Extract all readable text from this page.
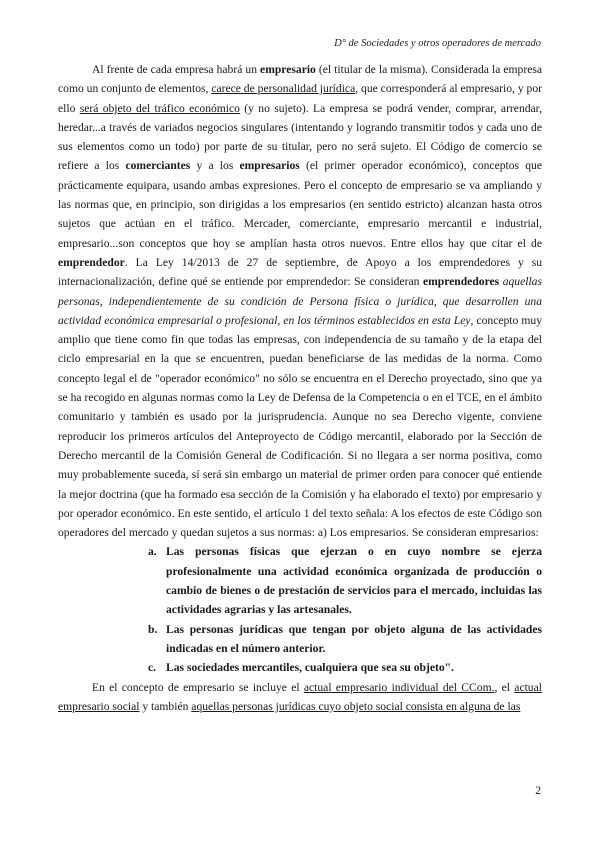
D° de Sociedades y otros operadores de mercado

Al frente de cada empresa habrá un empresario (el titular de la misma). Considerada la empresa como un conjunto de elementos, carece de personalidad jurídica, que corresponderá al empresario, y por ello será objeto del tráfico económico (y no sujeto). La empresa se podrá vender, comprar, arrendar, heredar...a través de variados negocios singulares (intentando y logrando transmitir todos y cada uno de sus elementos como un todo) por parte de su titular, pero no será sujeto. El Código de comercio se refiere a los comerciantes y a los empresarios (el primer operador económico), conceptos que prácticamente equipara, usando ambas expresiones. Pero el concepto de empresario se va ampliando y las normas que, en principio, son dirigidas a los empresarios (en sentido estricto) alcanzan hasta otros sujetos que actúan en el tráfico. Mercader, comerciante, empresario mercantil e industrial, empresario...son conceptos que hoy se amplían hasta otros nuevos. Entre ellos hay que citar el de emprendedor. La Ley 14/2013 de 27 de septiembre, de Apoyo a los emprendedores y su internacionalización, define qué se entiende por emprendedor: Se consideran emprendedores aquellas personas, independientemente de su condición de Persona física o jurídica, que desarrollen una actividad económica empresarial o profesional, en los términos establecidos en esta Ley, concepto muy amplio que tiene como fin que todas las empresas, con independencia de su tamaño y de la etapa del ciclo empresarial en la que se encuentren, puedan beneficiarse de las medidas de la norma. Como concepto legal el de "operador económico" no sólo se encuentra en el Derecho proyectado, sino que ya se ha recogido en algunas normas como la Ley de Defensa de la Competencia o en el TCE, en el ámbito comunitario y también es usado por la jurisprudencia. Aunque no sea Derecho vigente, conviene reproducir los primeros artículos del Anteproyecto de Código mercantil, elaborado por la Sección de Derecho mercantil de la Comisión General de Codificación. Si no llegara a ser norma positiva, como muy probablemente suceda, sí será sin embargo un material de primer orden para conocer qué entiende la mejor doctrina (que ha formado esa sección de la Comisión y ha elaborado el texto) por empresario y por operador económico. En este sentido, el artículo 1 del texto señala: A los efectos de este Código son operadores del mercado y quedan sujetos a sus normas: a) Los empresarios. Se consideran empresarios:

a. Las personas físicas que ejerzan o en cuyo nombre se ejerza profesionalmente una actividad económica organizada de producción o cambio de bienes o de prestación de servicios para el mercado, incluidas las actividades agrarias y las artesanales.
b. Las personas jurídicas que tengan por objeto alguna de las actividades indicadas en el número anterior.
c. Las sociedades mercantiles, cualquiera que sea su objeto".

En el concepto de empresario se incluye el actual empresario individual del CCom., el actual empresario social y también aquellas personas jurídicas cuyo objeto social consista en alguna de las

2
